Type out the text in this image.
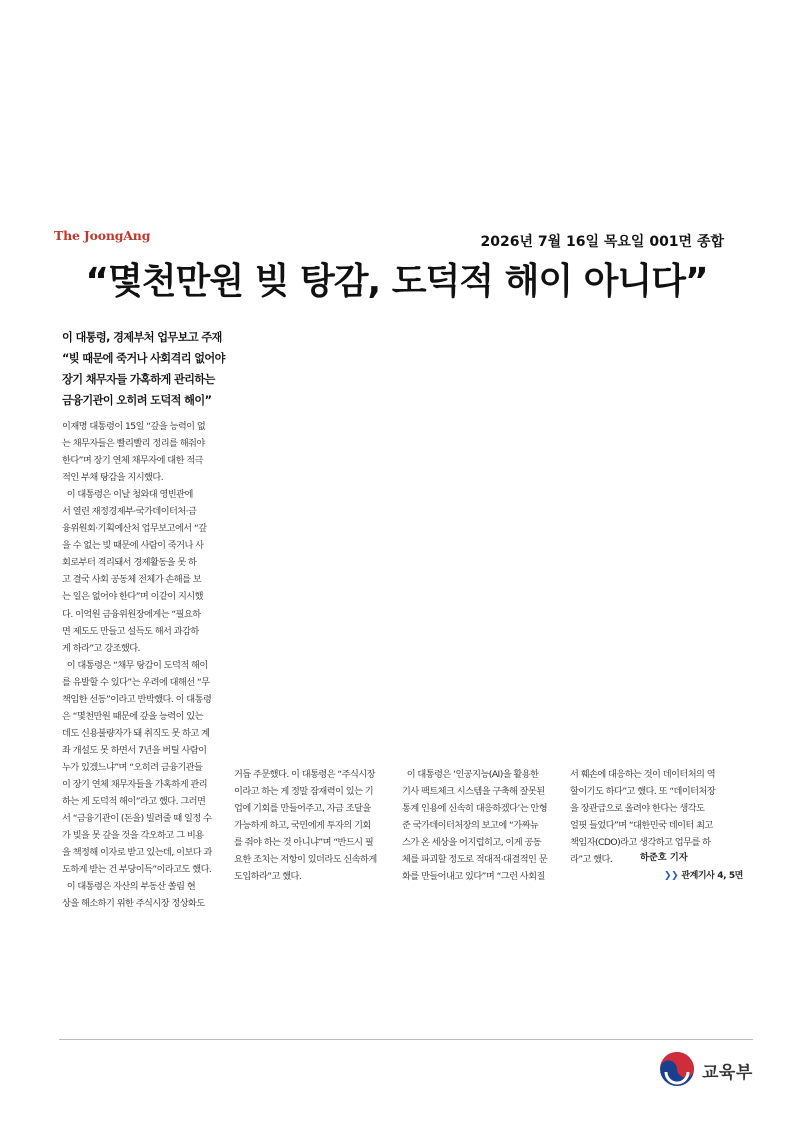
The JoongAng	2026년 7월 16일 목요일 001면 종합
“몇천만원 빚 탕감, 도덕적 해이 아니다”
이 대통령, 경제부처 업무보고 주재
“빚 때문에 죽거나 사회격리 없어야
장기 채무자들 가혹하게 관리하는
금융기관이 오히려 도덕적 해이”
이재명 대통령이 15일 “갚을 능력이 없
는 채무자들은 빨리빨리 정리를 해줘야
한다”며 장기 연체 채무자에 대한 적극
적인 부채 탕감을 지시했다.
이 대통령은 이날 청와대 영빈관에
서 열린 재정경제부·국가데이터처·금
융위원회·기획예산처 업무보고에서 “갚
을 수 없는 빚 때문에 사람이 죽거나 사
회로부터 격리돼서 경제활동을 못 하
고 결국 사회 공동체 전체가 손해를 보
는 일은 없어야 한다”며 이같이 지시했
다. 이억원 금융위원장에게는 “필요하
면 제도도 만들고 설득도 해서 과감하
게 하라”고 강조했다.
이 대통령은 “채무 탕감이 도덕적 해이
를 유발할 수 있다”는 우려에 대해선 “무
책임한 선동”이라고 반박했다. 이 대통령
은 “몇천만원 때문에 갚을 능력이 있는
데도 신용불량자가 돼 취직도 못 하고 계
좌 개설도 못 하면서 7년을 버틸 사람이
누가 있겠느냐”며 “오히려 금융기관들
이 장기 연체 채무자들을 가혹하게 관리
하는 게 도덕적 해이”라고 했다. 그러면
서 “금융기관이 (돈을) 빌려줄 때 일정 수
가 빚을 못 갚을 것을 각오하고 그 비용
을 책정해 이자로 받고 있는데, 이보다 과
도하게 받는 건 부당이득”이라고도 했다.
이 대통령은 자산의 부동산 쏠림 현
상을 해소하기 위한 주식시장 정상화도
거듭 주문했다. 이 대통령은 “주식시장
이라고 하는 게 정말 잠재력이 있는 기
업에 기회를 만들어주고, 자금 조달을
가능하게 하고, 국민에게 투자의 기회
를 줘야 하는 것 아니냐”며 “반드시 필
요한 조치는 저항이 있더라도 신속하게
도입하라”고 했다.
이 대통령은 ‘인공지능(AI)을 활용한
기사 팩트체크 시스템을 구축해 잘못된
통계 인용에 신속히 대응하겠다’는 안형
준 국가데이터처장의 보고에 “가짜뉴
스가 온 세상을 어지럽히고, 이게 공동
체를 파괴할 정도로 적대적·대결적인 문
화를 만들어내고 있다”며 “그런 사회질
서 훼손에 대응하는 것이 데이터처의 역
할이기도 하다”고 했다. 또 “데이터처장
을 장관급으로 올려야 한다는 생각도
얼핏 들었다”며 “대한민국 데이터 최고
책임자(CDO)라고 생각하고 업무를 하
라”고 했다.	하준호 기자
❯❯ 관계기사 4, 5면
교육부
